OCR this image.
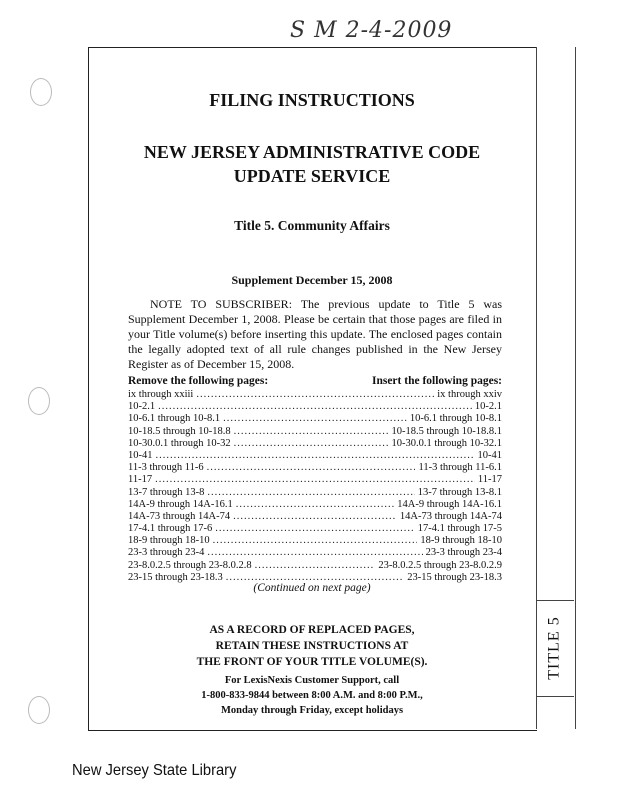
S M 2-4-2009
TITLE 5
FILING INSTRUCTIONS
NEW JERSEY ADMINISTRATIVE CODE
UPDATE SERVICE
Title 5. Community Affairs
Supplement December 15, 2008

NOTE TO SUBSCRIBER: The previous update to Title 5 was Supplement December 1, 2008. Please be certain that those pages are filed in your Title volume(s) before inserting this update. The enclosed pages contain the legally adopted text of all rule changes published in the New Jersey Register as of December 15, 2008.

Remove the following pages:	Insert the following pages:
ix through xxiii .....	ix through xxiv
10-2.1 .....	10-2.1
10-6.1 through 10-8.1 .....	10-6.1 through 10-8.1
10-18.5 through 10-18.8 .....	10-18.5 through 10-18.8.1
10-30.0.1 through 10-32 .....	10-30.0.1 through 10-32.1
10-41 .....	10-41
11-3 through 11-6 .....	11-3 through 11-6.1
11-17 .....	11-17
13-7 through 13-8 .....	13-7 through 13-8.1
14A-9 through 14A-16.1 .....	14A-9 through 14A-16.1
14A-73 through 14A-74 .....	14A-73 through 14A-74
17-4.1 through 17-6 .....	17-4.1 through 17-5
18-9 through 18-10 .....	18-9 through 18-10
23-3 through 23-4 .....	23-3 through 23-4
23-8.0.2.5 through 23-8.0.2.8 .....	23-8.0.2.5 through 23-8.0.2.9
23-15 through 23-18.3 .....	23-15 through 23-18.3
(Continued on next page)
AS A RECORD OF REPLACED PAGES,
RETAIN THESE INSTRUCTIONS AT
THE FRONT OF YOUR TITLE VOLUME(S).
For LexisNexis Customer Support, call
1-800-833-9844 between 8:00 A.M. and 8:00 P.M.,
Monday through Friday, except holidays
New Jersey State Library
